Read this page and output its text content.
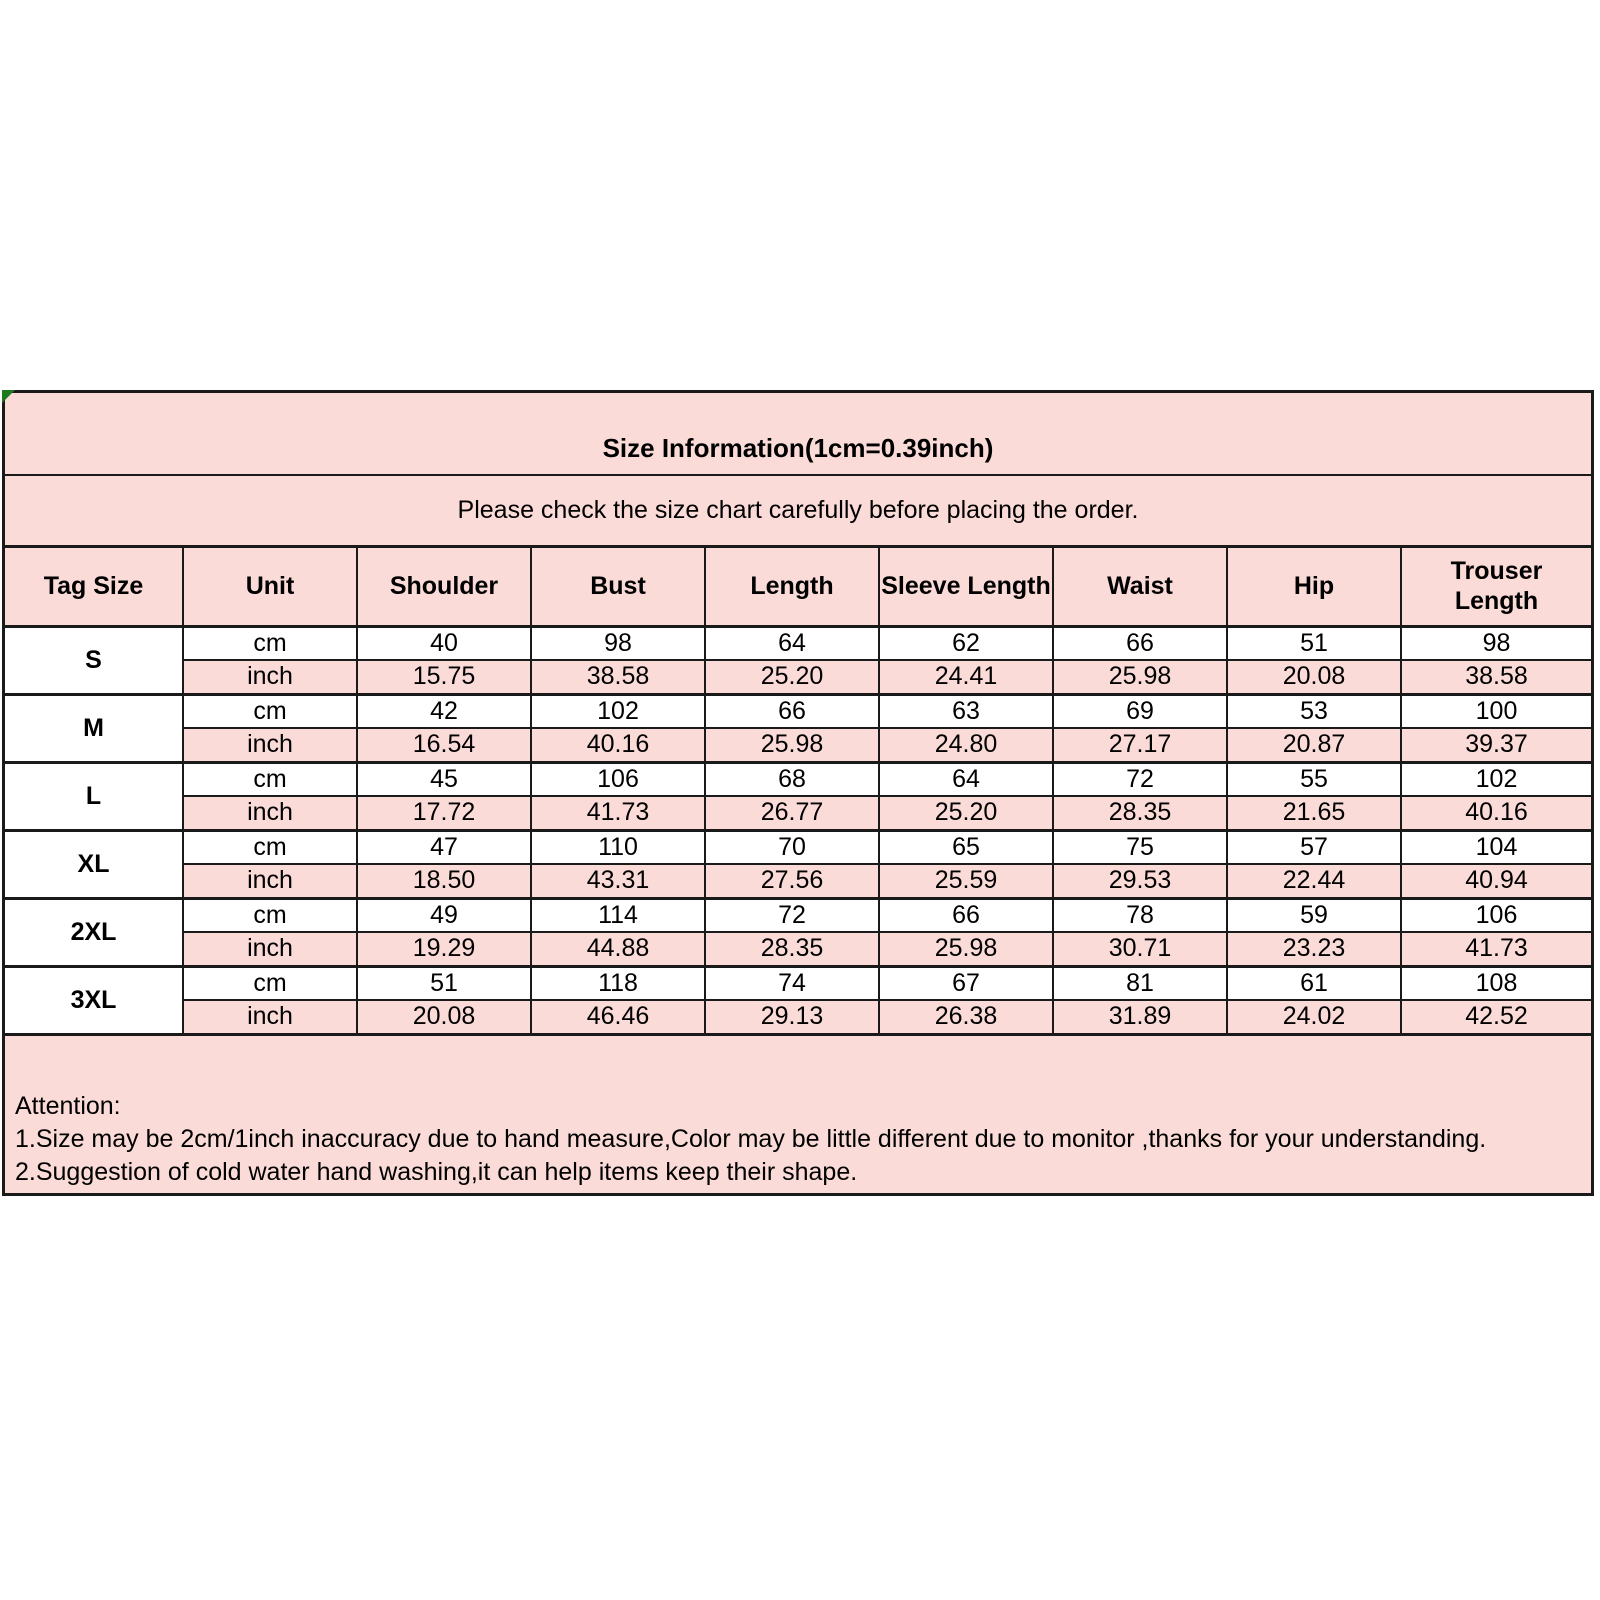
Size Information(1cm=0.39inch)
Please check the size chart carefully before placing the order.
Tag Size	Unit	Shoulder	Bust	Length	Sleeve Length	Waist	Hip	Trouser Length
S	cm	40	98	64	62	66	51	98
	inch	15.75	38.58	25.20	24.41	25.98	20.08	38.58
M	cm	42	102	66	63	69	53	100
	inch	16.54	40.16	25.98	24.80	27.17	20.87	39.37
L	cm	45	106	68	64	72	55	102
	inch	17.72	41.73	26.77	25.20	28.35	21.65	40.16
XL	cm	47	110	70	65	75	57	104
	inch	18.50	43.31	27.56	25.59	29.53	22.44	40.94
2XL	cm	49	114	72	66	78	59	106
	inch	19.29	44.88	28.35	25.98	30.71	23.23	41.73
3XL	cm	51	118	74	67	81	61	108
	inch	20.08	46.46	29.13	26.38	31.89	24.02	42.52
Attention:
1.Size may be 2cm/1inch inaccuracy due to hand measure,Color may be little different due to monitor ,thanks for your understanding.
2.Suggestion of cold water hand washing,it can help items keep their shape.
